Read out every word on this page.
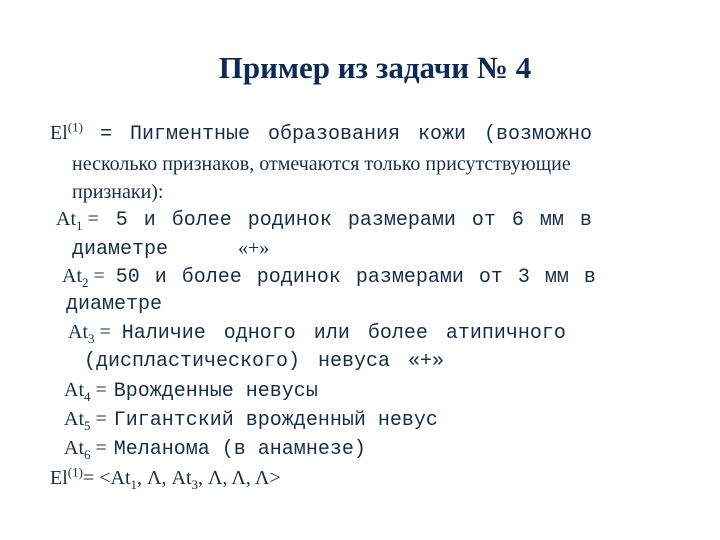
Пример из задачи № 4
$El^{(1)}$ = Пигментные образования кожи (возможно
несколько признаков, отмечаются только присутствующие
признаки):
$At_1 = 5$ и более родинок размерами от 6 мм в
диаметре	«+»
$At_2 = 50$ и более родинок размерами от 3 мм в
диаметре
$At_3$ = Наличие одного или более атипичного
(диспластического) невуса «+»
$At_4$ = Врожденные невусы
$At_5$ = Гигантский врожденный невус
$At_6$ = Меланома (в анамнезе)
$El^{(1)}= <At_1$, Λ, $At_3$, Λ, Λ, Λ>
